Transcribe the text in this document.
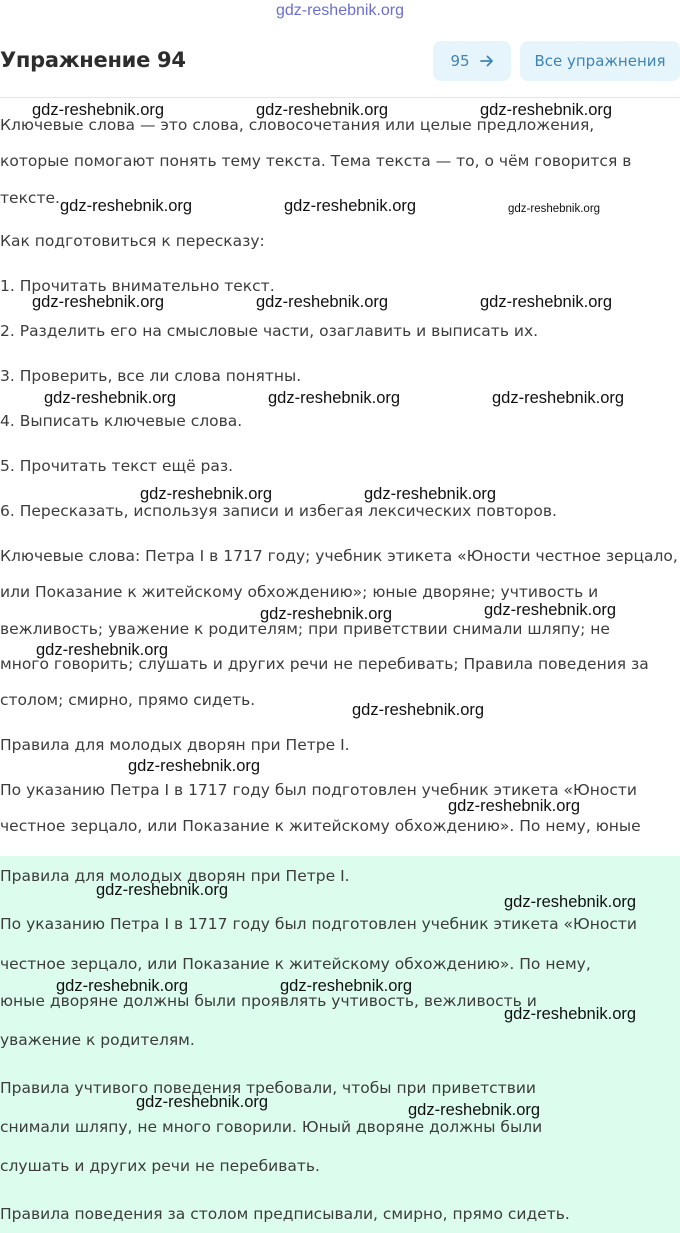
gdz-reshebnik.org
Упражнение 94	95	Все упражнения
Ключевые слова — это слова, словосочетания или целые предложения,
которые помогают понять тему текста. Тема текста — то, о чём говорится в
тексте.
Как подготовиться к пересказу:
1. Прочитать внимательно текст.
2. Разделить его на смысловые части, озаглавить и выписать их.
3. Проверить, все ли слова понятны.
4. Выписать ключевые слова.
5. Прочитать текст ещё раз.
6. Пересказать, используя записи и избегая лексических повторов.
Ключевые слова: Петра I в 1717 году; учебник этикета «Юности честное зерцало,
или Показание к житейскому обхождению»; юные дворяне; учтивость и
вежливость; уважение к родителям; при приветствии снимали шляпу; не
много говорить; слушать и других речи не перебивать; Правила поведения за
столом; смирно, прямо сидеть.
Правила для молодых дворян при Петре I.
По указанию Петра I в 1717 году был подготовлен учебник этикета «Юности
честное зерцало, или Показание к житейскому обхождению». По нему, юные
Правила для молодых дворян при Петре I.
По указанию Петра I в 1717 году был подготовлен учебник этикета «Юности
честное зерцало, или Показание к житейскому обхождению». По нему,
юные дворяне должны были проявлять учтивость, вежливость и
уважение к родителям.
Правила учтивого поведения требовали, чтобы при приветствии
снимали шляпу, не много говорили. Юный дворяне должны были
слушать и других речи не перебивать.
Правила поведения за столом предписывали, смирно, прямо сидеть.
gdz-reshebnik.org	gdz-reshebnik.org	gdz-reshebnik.org
gdz-reshebnik.org	gdz-reshebnik.org	gdz-reshebnik.org
gdz-reshebnik.org	gdz-reshebnik.org	gdz-reshebnik.org
gdz-reshebnik.org	gdz-reshebnik.org	gdz-reshebnik.org
gdz-reshebnik.org	gdz-reshebnik.org
gdz-reshebnik.org	gdz-reshebnik.org
gdz-reshebnik.org
gdz-reshebnik.org
gdz-reshebnik.org
gdz-reshebnik.org
gdz-reshebnik.org
gdz-reshebnik.org
gdz-reshebnik.org	gdz-reshebnik.org
gdz-reshebnik.org
gdz-reshebnik.org	gdz-reshebnik.org
